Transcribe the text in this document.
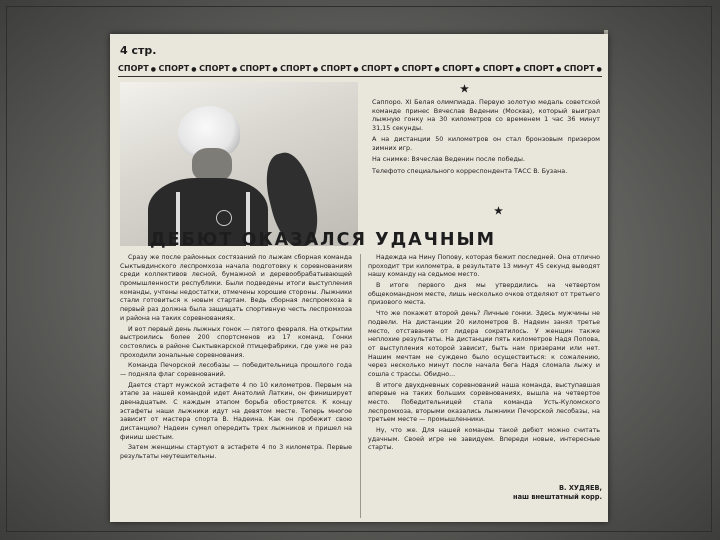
4 стр.
СПОРТ ●	СПОРТ ●	СПОРТ ●	СПОРТ ●	СПОРТ ●	СПОРТ ●	СПОРТ ●	СПОРТ ●	СПОРТ ●	СПОРТ ●	СПОРТ ●	СПОРТ ●
★

Саппоро. XI Белая олимпиада. Первую золотую медаль советской команде принес Вячеслав Веденин (Москва), который выиграл лыжную гонку на 30 километров со временем 1 час 36 минут 31,15 секунды.

А на дистанции 50 километров он стал бронзовым призером зимних игр.

На снимке: Вячеслав Веденин после победы.

Телефото специального корреспондента ТАСС В. Бузана.

★
ДЕБЮТ ОКАЗАЛСЯ УДАЧНЫМ

Сразу же после районных состязаний по лыжам сборная команда Сыктывдинского леспромхоза начала подготовку к соревнованиям среди коллективов лесной, бумажной и деревообрабатывающей промышленности республики. Были подведены итоги выступления команды, учтены недостатки, отмечены хорошие стороны. Лыжники стали готовиться к новым стартам. Ведь сборная леспромхоза в первый раз должна была защищать спортивную честь леспромхоза и района на таких соревнованиях.

И вот первый день лыжных гонок — пятого февраля. На открытии выстроились более 200 спортсменов из 17 команд. Гонки состоялись в районе Сыктывкарской птицефабрики, где уже не раз проходили зональные соревнования.

Команда Печорской лесобазы — победительница прошлого года — подняла флаг соревнований.

Дается старт мужской эстафете 4 по 10 километров. Первым на этапе за нашей командой идет Анатолий Латкин, он финиширует двенадцатым. С каждым этапом борьба обостряется. К концу эстафеты наши лыжники идут на девятом месте. Теперь многое зависит от мастера спорта В. Надеина. Как он пробежит свою дистанцию? Надеин сумел опередить трех лыжников и пришел на финиш шестым.

Затем женщины стартуют в эстафете 4 по 3 километра. Первые результаты неутешительны.

Надежда на Нину Попову, которая бежит последней. Она отлично проходит три километра, в результате 13 минут 45 секунд выводят нашу команду на седьмое место.

В итоге первого дня мы утвердились на четвертом общекомандном месте, лишь несколько очков отделяют от третьего призового места.

Что же покажет второй день? Личные гонки. Здесь мужчины не подвели. На дистанции 20 километров В. Надеин занял третье место, отставание от лидера сократилось. У женщин также неплохие результаты. На дистанции пять километров Надя Попова, от выступления которой зависит, быть нам призерами или нет. Нашим мечтам не суждено было осуществиться: к сожалению, через несколько минут после начала бега Надя сломала лыжу и сошла с трассы. Обидно...

В итоге двухдневных соревнований наша команда, выступавшая впервые на таких больших соревнованиях, вышла на четвертое место. Победительницей стала команда Усть-Куломского леспромхоза, вторыми оказались лыжники Печорской лесобазы, на третьем месте — промышленники.

Ну, что же. Для нашей команды такой дебют можно считать удачным. Своей игре не завидуем. Впереди новые, интересные старты.

В. ХУДЯЕВ,
наш внештатный корр.
